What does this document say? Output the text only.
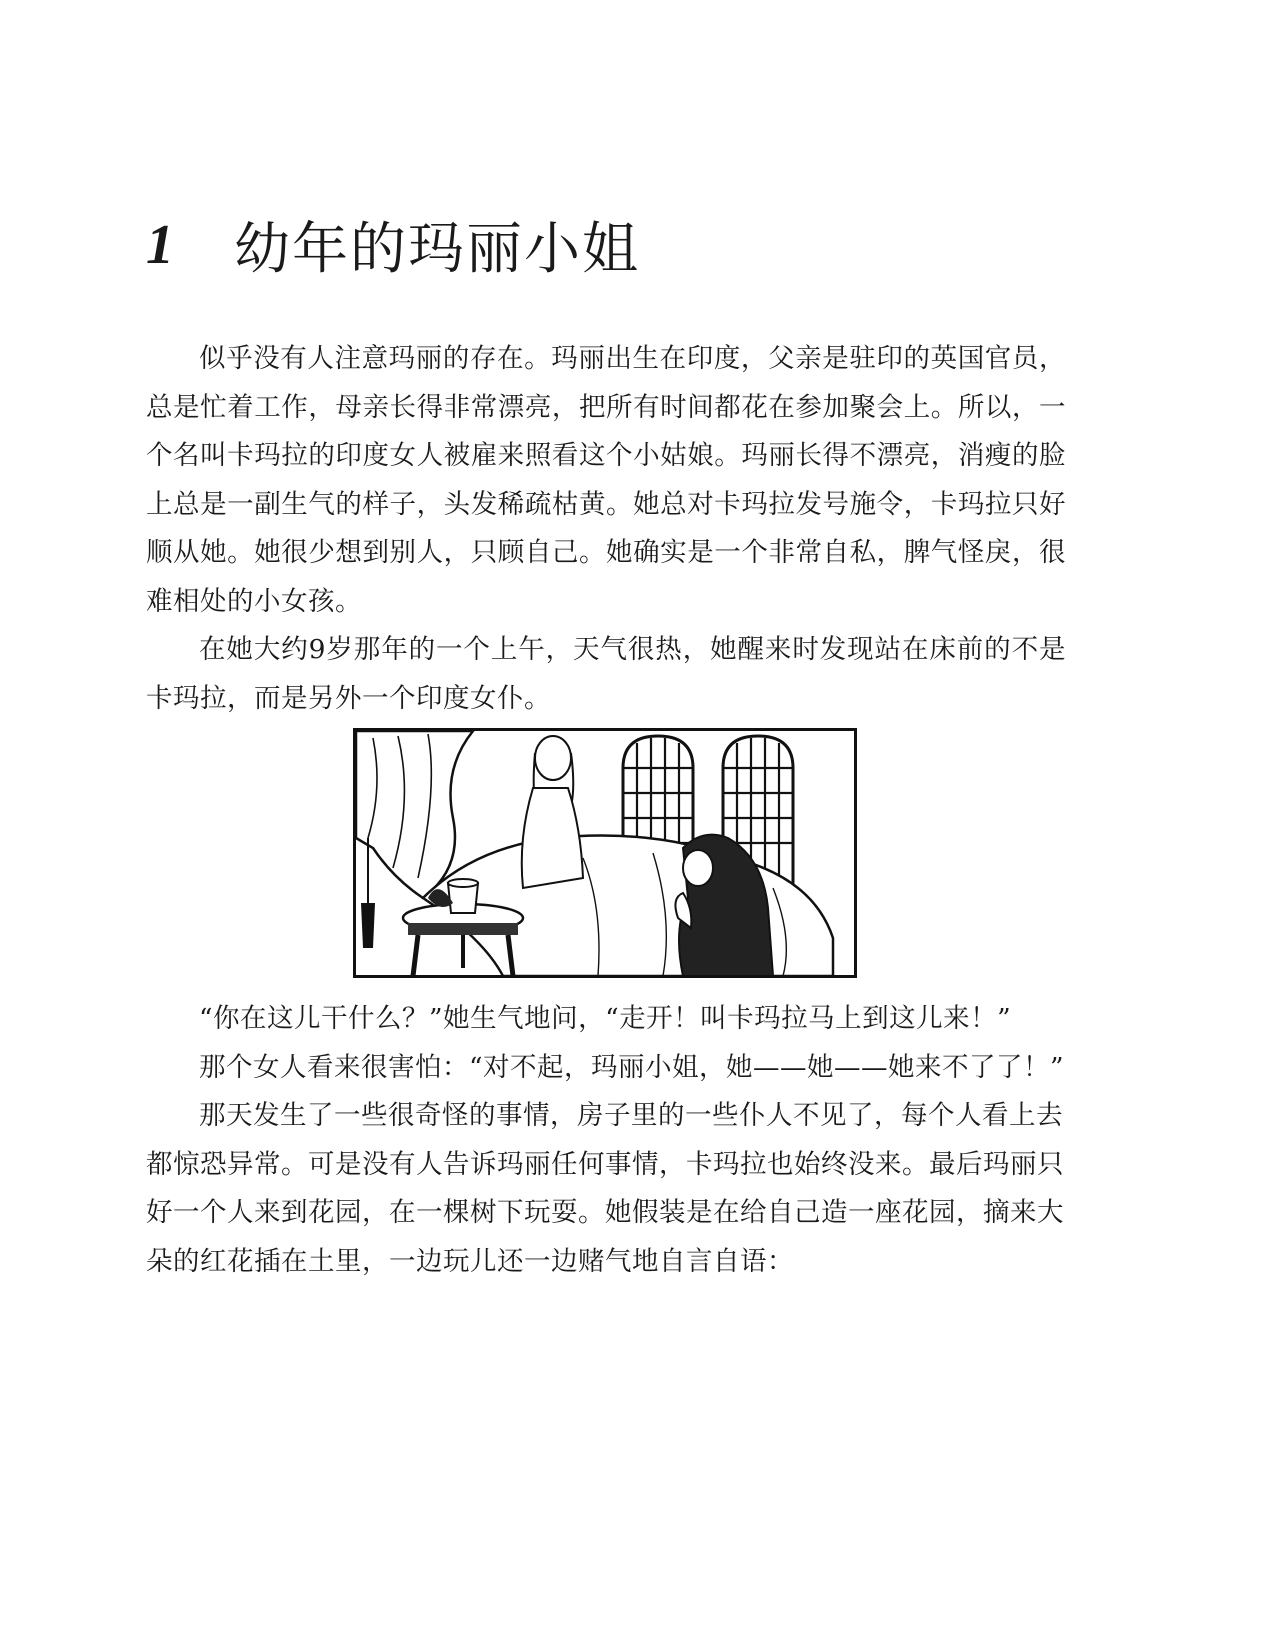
1	幼年的玛丽小姐

似乎没有人注意玛丽的存在。玛丽出生在印度，父亲是驻印的英国官员，总是忙着工作，母亲长得非常漂亮，把所有时间都花在参加聚会上。所以，一个名叫卡玛拉的印度女人被雇来照看这个小姑娘。玛丽长得不漂亮，消瘦的脸上总是一副生气的样子，头发稀疏枯黄。她总对卡玛拉发号施令，卡玛拉只好顺从她。她很少想到别人，只顾自己。她确实是一个非常自私，脾气怪戾，很难相处的小女孩。

在她大约9岁那年的一个上午，天气很热，她醒来时发现站在床前的不是卡玛拉，而是另外一个印度女仆。

“你在这儿干什么？”她生气地问，“走开！叫卡玛拉马上到这儿来！”

那个女人看来很害怕：“对不起，玛丽小姐，她——她——她来不了了！”

那天发生了一些很奇怪的事情，房子里的一些仆人不见了，每个人看上去都惊恐异常。可是没有人告诉玛丽任何事情，卡玛拉也始终没来。最后玛丽只好一个人来到花园，在一棵树下玩耍。她假装是在给自己造一座花园，摘来大朵的红花插在土里，一边玩儿还一边赌气地自言自语：
